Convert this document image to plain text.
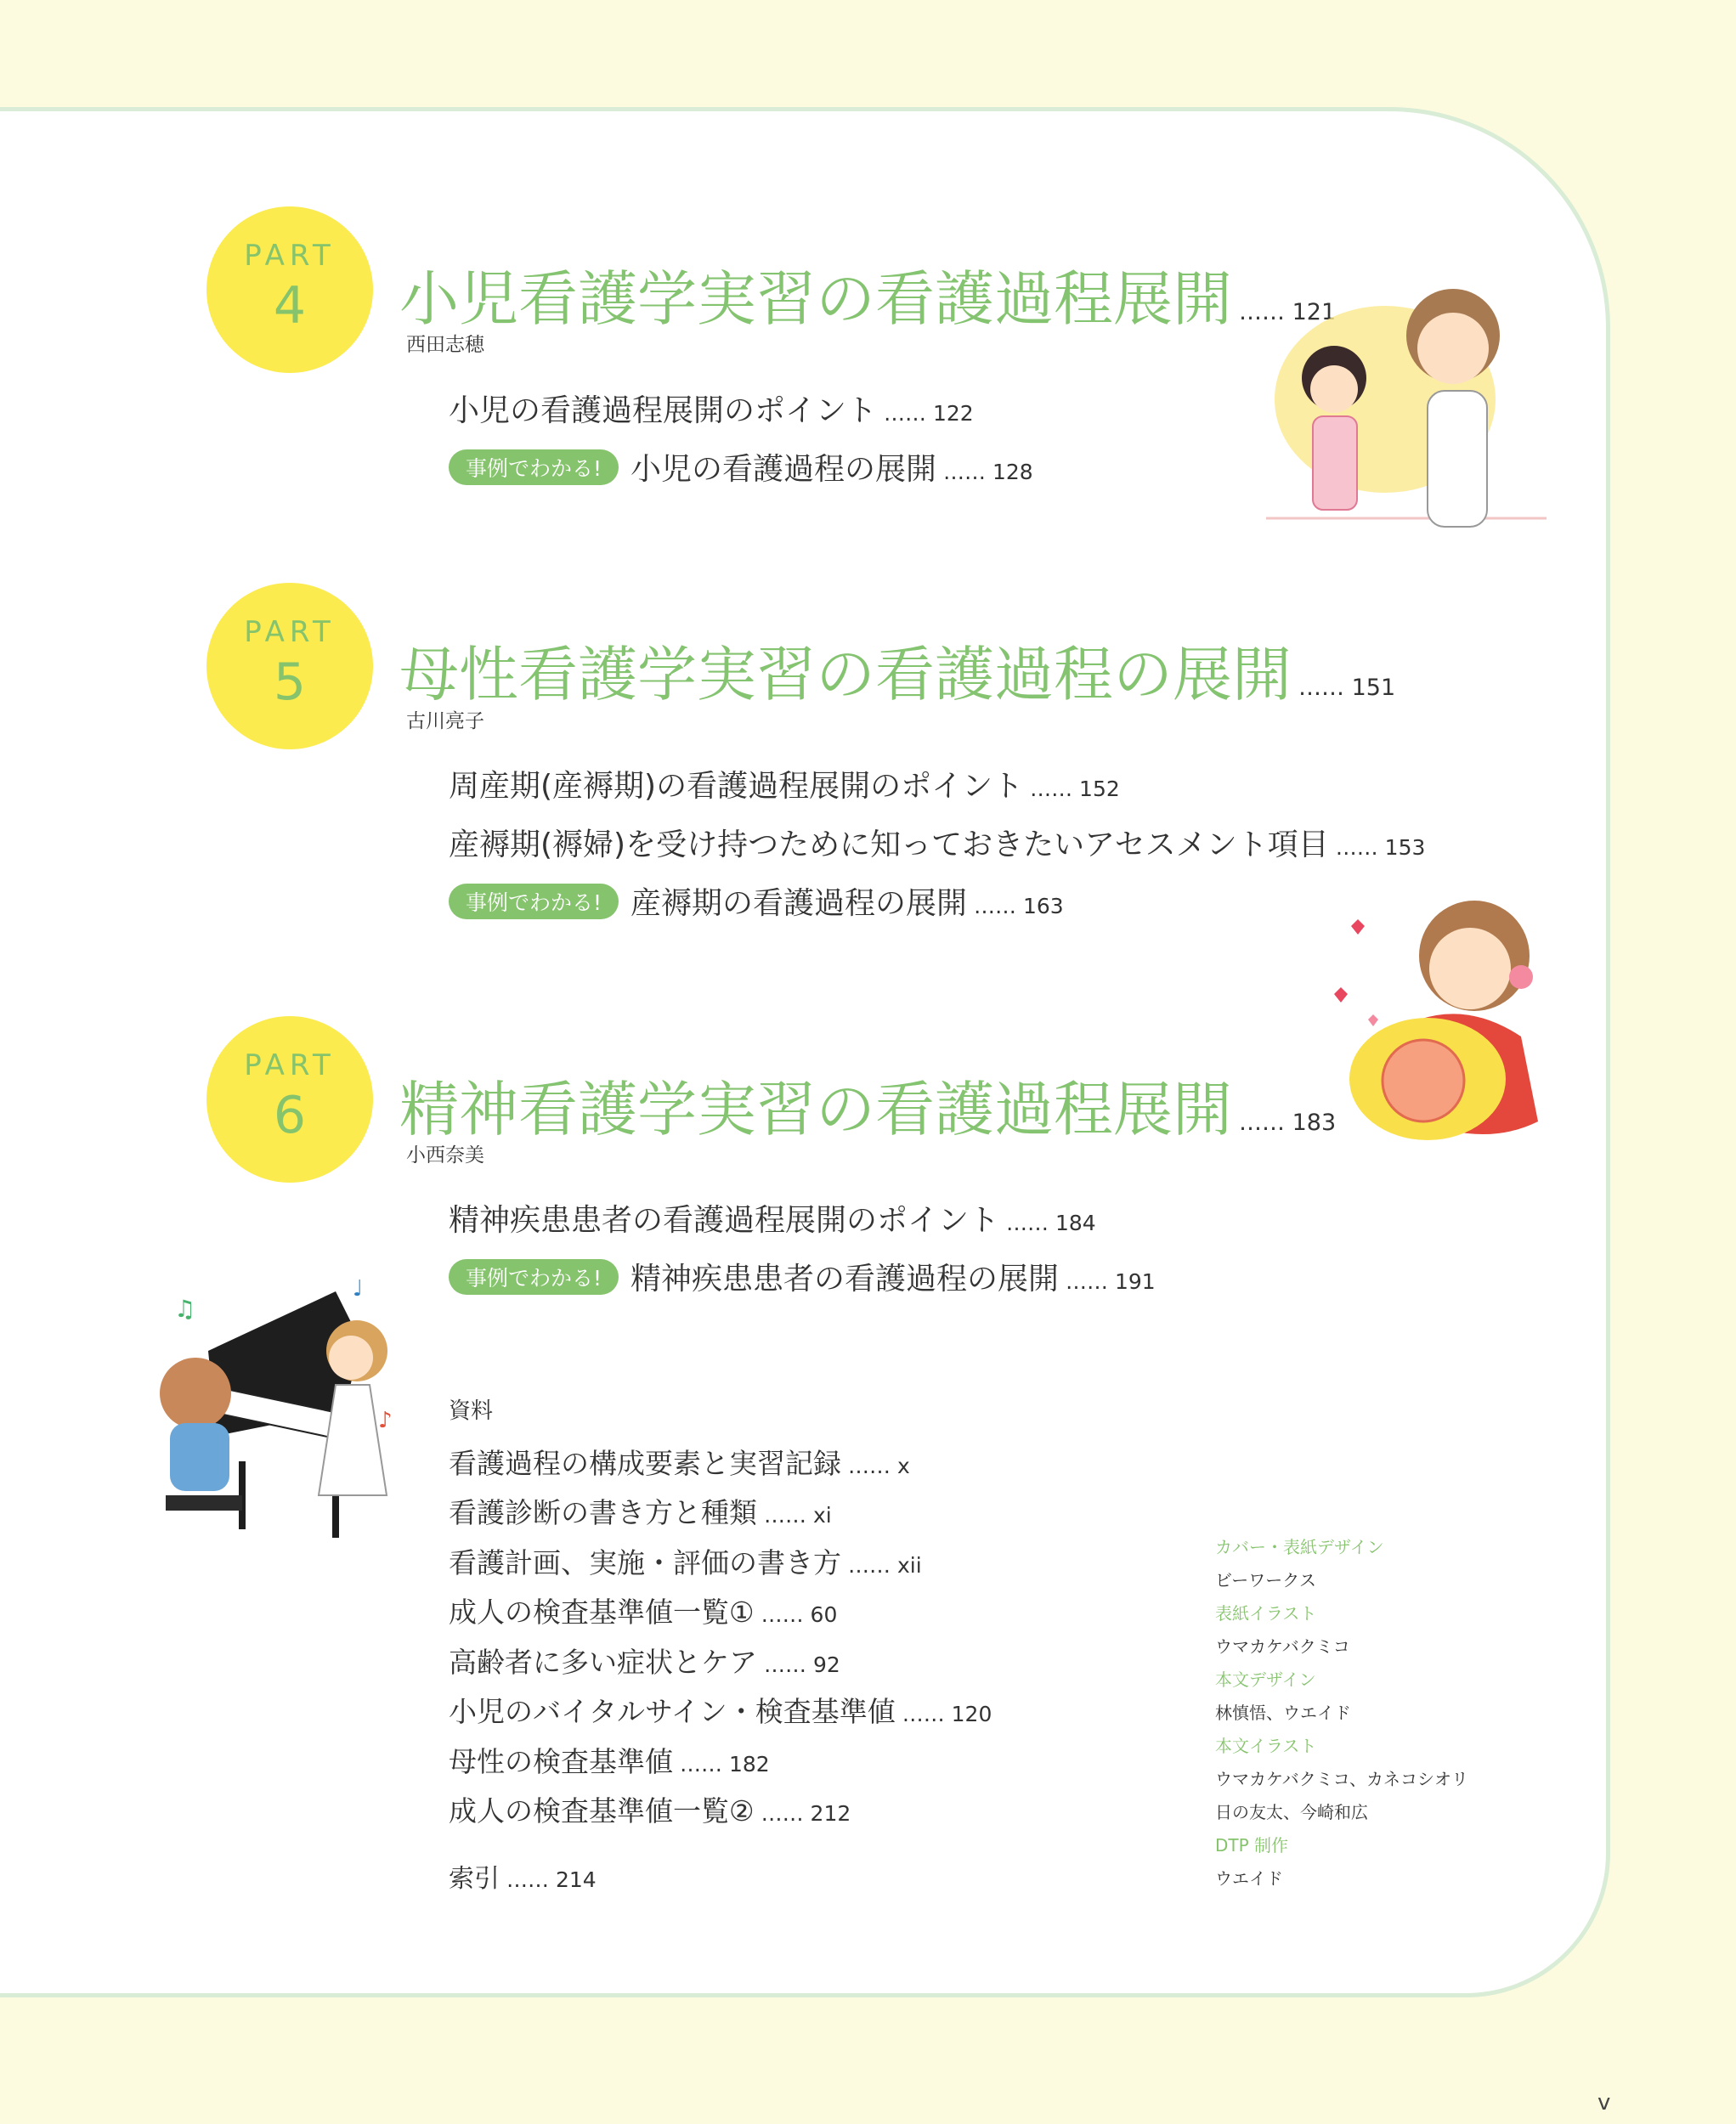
PART
4	小児看護学実習の看護過程展開 …… 121
西田志穂
小児の看護過程展開のポイント …… 122
事例でわかる! 小児の看護過程の展開 …… 128
PART
5	母性看護学実習の看護過程の展開 …… 151
古川亮子
周産期(産褥期)の看護過程展開のポイント …… 152
産褥期(褥婦)を受け持つために知っておきたいアセスメント項目 …… 153
事例でわかる! 産褥期の看護過程の展開 …… 163
PART
6	精神看護学実習の看護過程展開 …… 183
小西奈美
精神疾患患者の看護過程展開のポイント …… 184
事例でわかる! 精神疾患患者の看護過程の展開 …… 191
資料
看護過程の構成要素と実習記録 …… x
看護診断の書き方と種類 …… xi
看護計画、実施・評価の書き方 …… xii
成人の検査基準値一覧① …… 60
高齢者に多い症状とケア …… 92
小児のバイタルサイン・検査基準値 …… 120
母性の検査基準値 …… 182
成人の検査基準値一覧② …… 212
索引 …… 214
カバー・表紙デザイン
ビーワークス
表紙イラスト
ウマカケバクミコ
本文デザイン
林慎悟、ウエイド
本文イラスト
ウマカケバクミコ、カネコシオリ
日の友太、今崎和広
DTP 制作
ウエイド
v
♫
♩
♪
